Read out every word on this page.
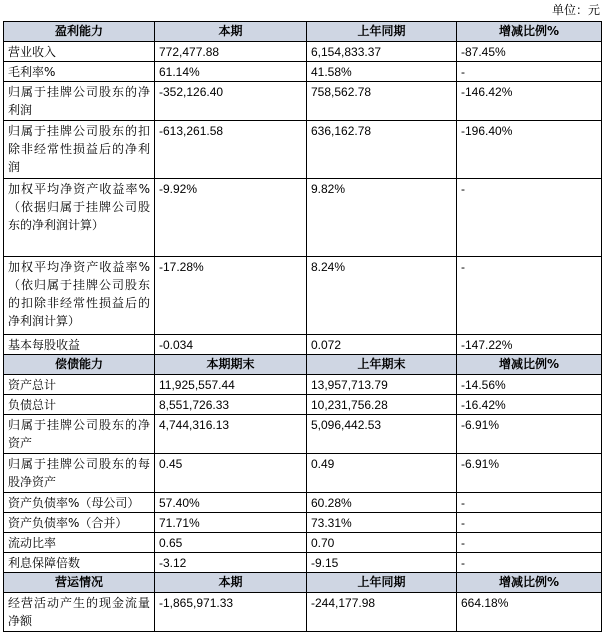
单位：元
盈利能力	本期	上年同期	增减比例%
营业收入	772,477.88	6,154,833.37	-87.45%
毛利率%	61.14%	41.58%	-
归属于挂牌公司股东的净利润	-352,126.40	758,562.78	-146.42%
归属于挂牌公司股东的扣除非经常性损益后的净利润	-613,261.58	636,162.78	-196.40%
加权平均净资产收益率%（依据归属于挂牌公司股东的净利润计算）	-9.92%	9.82%	-
加权平均净资产收益率%（依归属于挂牌公司股东的扣除非经常性损益后的净利润计算）	-17.28%	8.24%	-
基本每股收益	-0.034	0.072	-147.22%
偿债能力	本期期末	上年期末	增减比例%
资产总计	11,925,557.44	13,957,713.79	-14.56%
负债总计	8,551,726.33	10,231,756.28	-16.42%
归属于挂牌公司股东的净资产	4,744,316.13	5,096,442.53	-6.91%
归属于挂牌公司股东的每股净资产	0.45	0.49	-6.91%
资产负债率%（母公司）	57.40%	60.28%	-
资产负债率%（合并）	71.71%	73.31%	-
流动比率	0.65	0.70	-
利息保障倍数	-3.12	-9.15	-
营运情况	本期	上年同期	增减比例%
经营活动产生的现金流量净额	-1,865,971.33	-244,177.98	664.18%
